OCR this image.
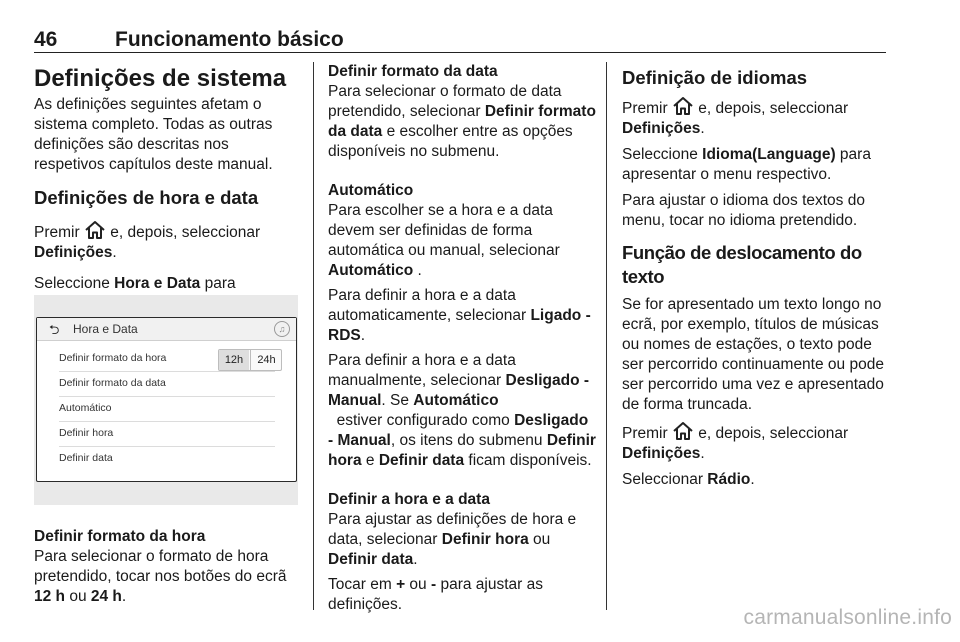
46	Funcionamento básico
Definições de sistema
As definições seguintes afetam o sistema completo. Todas as outras definições são descritas nos respetivos capítulos deste manual.
Definições de hora e data
Premir
e, depois, seleccionar
Definições.
Seleccione Hora e Data para
⮌ Hora e Data	♫
Definir formato da hora
Definir formato da data
Automático
Definir hora
Definir data
12h	24h
Definir formato da hora
Para selecionar o formato de hora pretendido, tocar nos botões do ecrã 12 h ou 24 h.
Definir formato da data
Para selecionar o formato de data pretendido, selecionar Definir formato da data e escolher entre as opções disponíveis no submenu.
Automático
Para escolher se a hora e a data devem ser definidas de forma automática ou manual, selecionar Automático .
Para definir a hora e a data automaticamente, selecionar Ligado - RDS.
Para definir a hora e a data manualmente, selecionar Desligado - Manual. Se Automático  estiver configurado como Desligado - Manual, os itens do submenu Definir hora e Definir data ficam disponíveis.
Definir a hora e a data
Para ajustar as definições de hora e data, selecionar Definir hora ou Definir data.
Tocar em + ou - para ajustar as definições.
Definição de idiomas
Premir
e, depois, seleccionar
Definições.
Seleccione Idioma(Language) para apresentar o menu respectivo.
Para ajustar o idioma dos textos do menu, tocar no idioma pretendido.
Função de deslocamento do texto
Se for apresentado um texto longo no ecrã, por exemplo, títulos de músicas ou nomes de estações, o texto pode ser percorrido continuamente ou pode ser percorrido uma vez e apresentado de forma truncada.
Premir
e, depois, seleccionar
Definições.
Seleccionar Rádio.
carmanualsonline.info
